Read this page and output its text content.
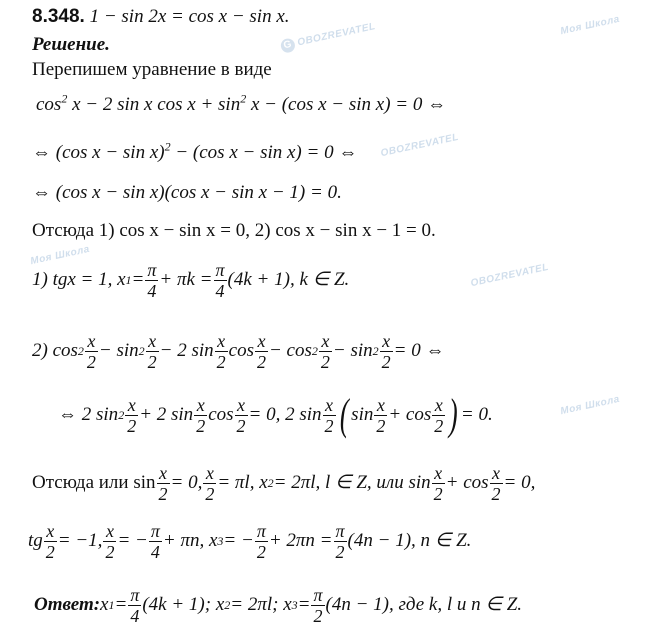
G OBOZREVATEL	Моя Школа
OBOZREVATEL
Моя Школа
OBOZREVATEL
Моя Школа
8.348. 1 − sin 2x = cos x − sin x.
Решение.
Перепишем уравнение в виде
$\cos^2 x - 2$ sin x $\cos x + \sin^2 x - (\cos$ x − sin x) = 0 ⇔
⇔ (cos x − sin x)$^2$ − (cos x − sin x) = 0 ⇔
⇔ (cos x − sin x)(cos x − sin x − 1) = 0.
Отсюда 1) cos x − sin x = 0, 2) cos x − sin x − 1 = 0.
1) tgx = 1, x $1 = \frac{\pi}{4} + \pi k = \frac{\pi}{4} (4k + 1)$, k ∈ Z.
2) $\cos 2 \frac{x}{2} - \sin 2 \frac{x}{2} - 2$ $\sin \frac{x}{2}$ $\cos \frac{x}{2} - \cos 2 \frac{x}{2} - \sin 2 \frac{x}{2} = 0$ ⇔
⇔ 2 $\sin 2 \frac{x}{2} + 2$ $\sin \frac{x}{2}$ $\cos \frac{x}{2} = 0$, 2 $\sin \frac{x}{2}$ ( $\sin \frac{x}{2} + \cos \frac{x}{2}$ ) = 0.
Отсюда или $\sin \frac{x}{2} = 0$, $\frac{x}{2} = \pi l$, x 2 = 2πl, l ∈ Z, или $\sin \frac{x}{2} + \cos \frac{x}{2} = 0$,
tg $\frac{x}{2} = -1$, $\frac{x}{2}$ = − $\frac{\pi}{4} + \pi n$, x 3 = − $\frac{\pi}{2} + 2\pi n = \frac{\pi}{2} (4n - 1)$, n ∈ Z.
Ответ: x $1 = \frac{\pi}{4} (4k + 1)$; x 2 = 2πl; x $3 = \frac{\pi}{2} (4n - 1)$, где k, l и n ∈ Z.
